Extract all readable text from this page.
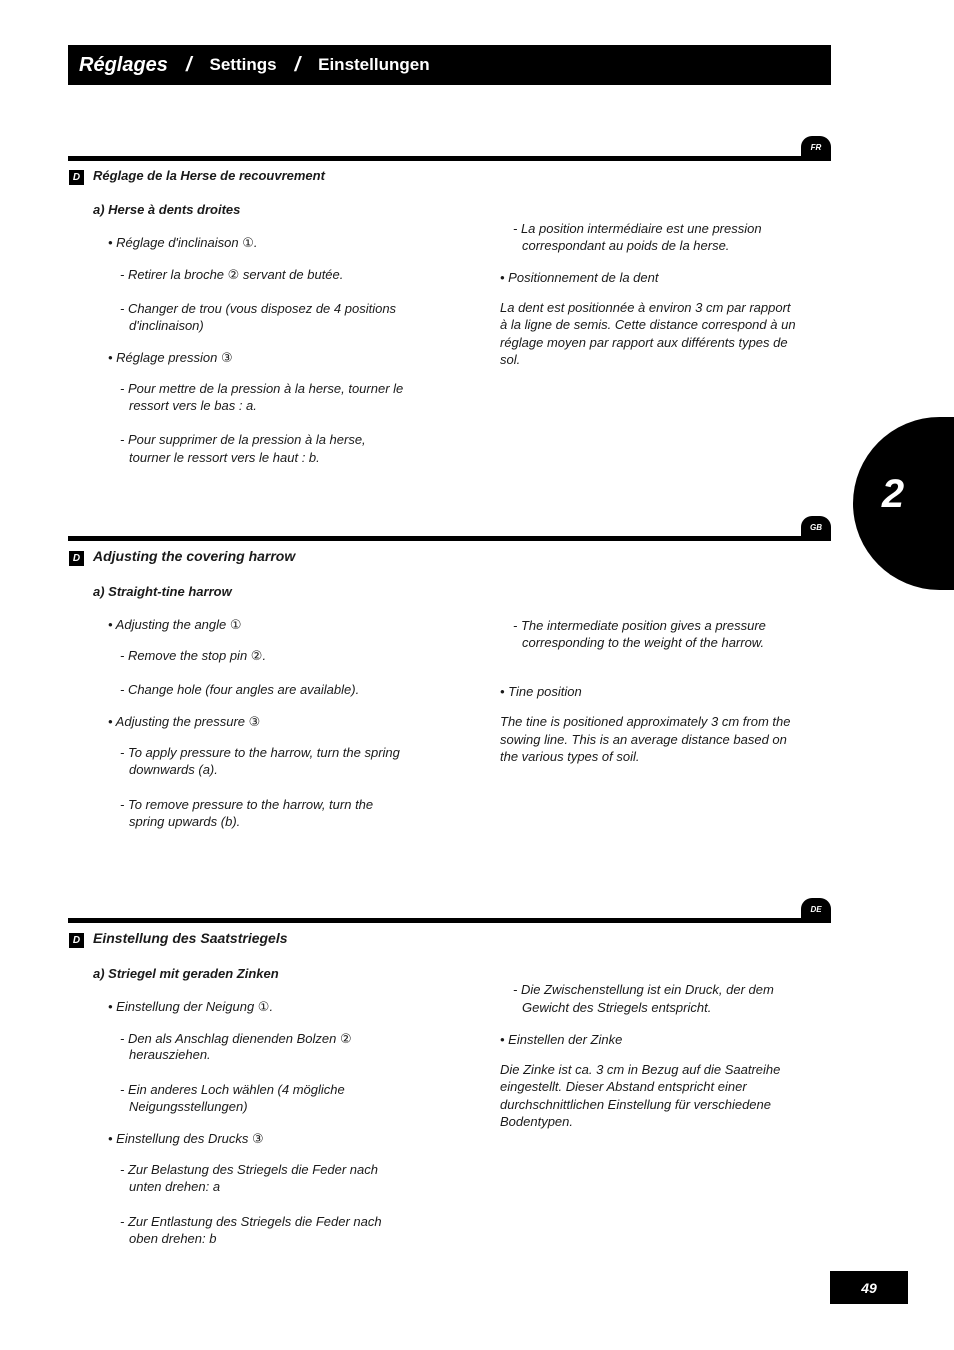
Réglages / Settings / Einstellungen
2
FR
D Réglage de la Herse de recouvrement
a) Herse à dents droites
• Réglage d'inclinaison ①.
- Retirer la broche ② servant de butée.
- Changer de trou (vous disposez de 4 positions
d'inclinaison)
• Réglage pression ③
- Pour mettre de la pression à la herse, tourner le
ressort vers le bas : a.
- Pour supprimer de la pression à la herse,
tourner le ressort vers le haut : b.
- La position intermédiaire est une pression
correspondant au poids de la herse.
• Positionnement de la dent
La dent est positionnée à environ 3 cm par rapport
à la ligne de semis. Cette distance correspond à un
réglage moyen par rapport aux différents types de
sol.
GB
D Adjusting the covering harrow
a) Straight-tine harrow
• Adjusting the angle ①
- Remove the stop pin ②.
- Change hole (four angles are available).
• Adjusting the pressure ③
- To apply pressure to the harrow, turn the spring
downwards (a).
- To remove pressure to the harrow, turn the
spring upwards (b).
- The intermediate position gives a pressure
corresponding to the weight of the harrow.
• Tine position
The tine is positioned approximately 3 cm from the
sowing line. This is an average distance based on
the various types of soil.
DE
D Einstellung des Saatstriegels
a) Striegel mit geraden Zinken
• Einstellung der Neigung ①.
- Den als Anschlag dienenden Bolzen ②
herausziehen.
- Ein anderes Loch wählen (4 mögliche
Neigungsstellungen)
• Einstellung des Drucks ③
- Zur Belastung des Striegels die Feder nach
unten drehen: a
- Zur Entlastung des Striegels die Feder nach
oben drehen: b
- Die Zwischenstellung ist ein Druck, der dem
Gewicht des Striegels entspricht.
• Einstellen der Zinke
Die Zinke ist ca. 3 cm in Bezug auf die Saatreihe
eingestellt. Dieser Abstand entspricht einer
durchschnittlichen Einstellung für verschiedene
Bodentypen.
49
